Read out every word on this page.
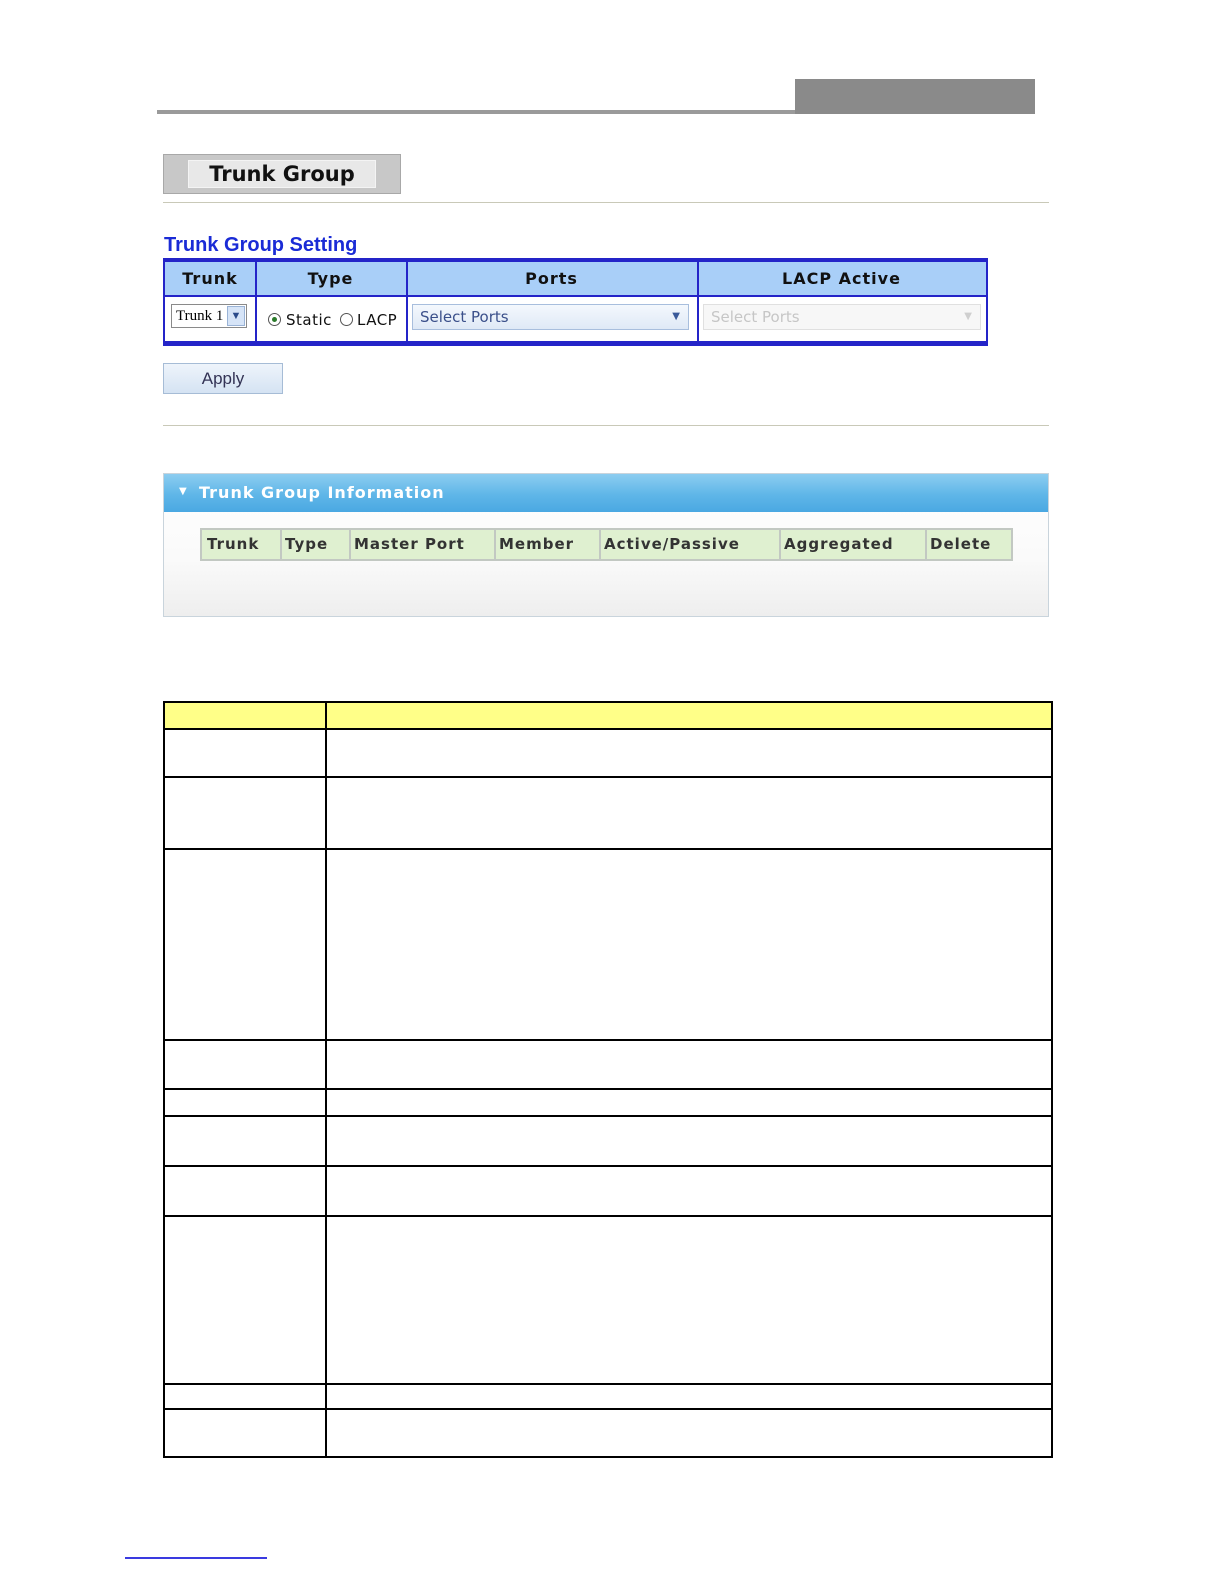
Trunk Group
Trunk Group Setting
Trunk	Type	Ports	LACP Active
Trunk 1 ▼	Static LACP	Select Ports	▼	Select Ports	▼
Apply
▼ Trunk Group Information
Trunk	Type	Master Port	Member	Active/Passive	Aggregated	Delete
